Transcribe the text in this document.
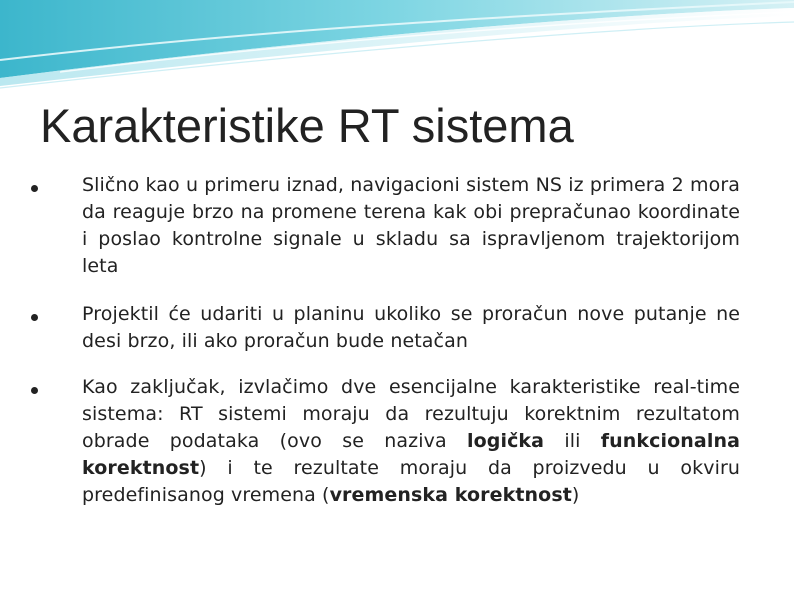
Karakteristike RT sistema
Slično kao u primeru iznad, navigacioni sistem NS iz primera 2 mora da reaguje brzo na promene terena kak obi prepračunao koordinate i poslao kontrolne signale u skladu sa ispravljenom trajektorijom leta
Projektil će udariti u planinu ukoliko se proračun nove putanje ne desi brzo, ili ako proračun bude netačan
Kao zaključak, izvlačimo dve esencijalne karakteristike real-time sistema: RT sistemi moraju da rezultuju korektnim rezultatom obrade podataka (ovo se naziva logička ili funkcionalna korektnost) i te rezultate moraju da proizvedu u okviru predefinisanog vremena (vremenska korektnost)
